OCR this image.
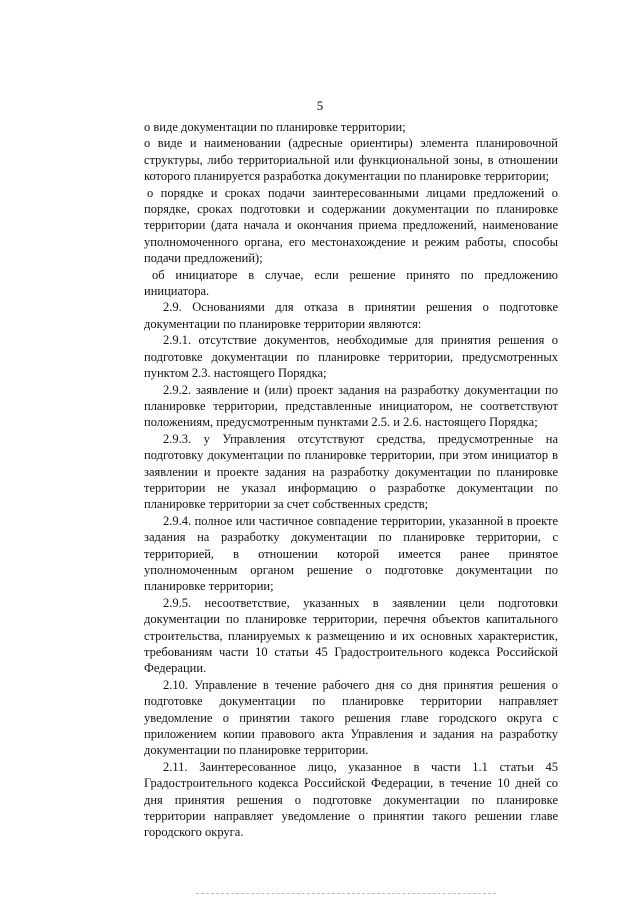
5

о виде документации по планировке территории;

о виде и наименовании (адресные ориентиры) элемента планировочной структуры, либо территориальной или функциональной зоны, в отношении которого планируется разработка документации по планировке территории;

о порядке и сроках подачи заинтересованными лицами предложений о порядке, сроках подготовки и содержании документации по планировке территории (дата начала и окончания приема предложений, наименование уполномоченного органа, его местонахождение и режим работы, способы подачи предложений);

об инициаторе в случае, если решение принято по предложению инициатора.

2.9. Основаниями для отказа в принятии решения о подготовке документации по планировке территории являются:

2.9.1. отсутствие документов, необходимые для принятия решения о подготовке документации по планировке территории, предусмотренных пунктом 2.3. настоящего Порядка;

2.9.2. заявление и (или) проект задания на разработку документации по планировке территории, представленные инициатором, не соответствуют положениям, предусмотренным пунктами 2.5. и 2.6. настоящего Порядка;

2.9.3. у Управления отсутствуют средства, предусмотренные на подготовку документации по планировке территории, при этом инициатор в заявлении и проекте задания на разработку документации по планировке территории не указал информацию о разработке документации по планировке территории за счет собственных средств;

2.9.4. полное или частичное совпадение территории, указанной в проекте задания на разработку документации по планировке территории, с территорией, в отношении которой имеется ранее принятое уполномоченным органом решение о подготовке документации по планировке территории;

2.9.5. несоответствие, указанных в заявлении цели подготовки документации по планировке территории, перечня объектов капитального строительства, планируемых к размещению и их основных характеристик, требованиям части 10 статьи 45 Градостроительного кодекса Российской Федерации.

2.10. Управление в течение рабочего дня со дня принятия решения о подготовке документации по планировке территории направляет уведомление о принятии такого решения главе городского округа с приложением копии правового акта Управления и задания на разработку документации по планировке территории.

2.11. Заинтересованное лицо, указанное в части 1.1 статьи 45 Градостроительного кодекса Российской Федерации, в течение 10 дней со дня принятия решения о подготовке документации по планировке территории направляет уведомление о принятии такого решении главе городского округа.
